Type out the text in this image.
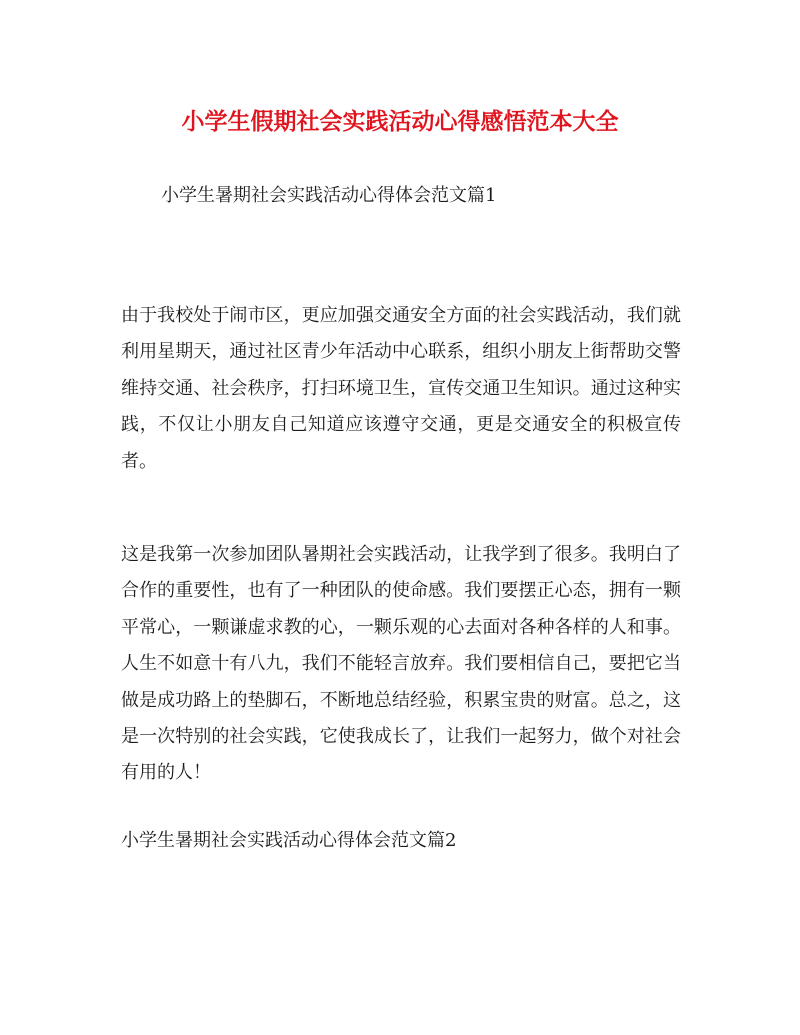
小学生假期社会实践活动心得感悟范本大全

小学生暑期社会实践活动心得体会范文篇1

由于我校处于闹市区，更应加强交通安全方面的社会实践活动，我们就利用星期天，通过社区青少年活动中心联系，组织小朋友上街帮助交警维持交通、社会秩序，打扫环境卫生，宣传交通卫生知识。通过这种实践，不仅让小朋友自己知道应该遵守交通，更是交通安全的积极宣传者。

这是我第一次参加团队暑期社会实践活动，让我学到了很多。我明白了合作的重要性，也有了一种团队的使命感。我们要摆正心态，拥有一颗平常心，一颗谦虚求教的心，一颗乐观的心去面对各种各样的人和事。人生不如意十有八九，我们不能轻言放弃。我们要相信自己，要把它当做是成功路上的垫脚石，不断地总结经验，积累宝贵的财富。总之，这是一次特别的社会实践，它使我成长了，让我们一起努力，做个对社会有用的人！

小学生暑期社会实践活动心得体会范文篇2
